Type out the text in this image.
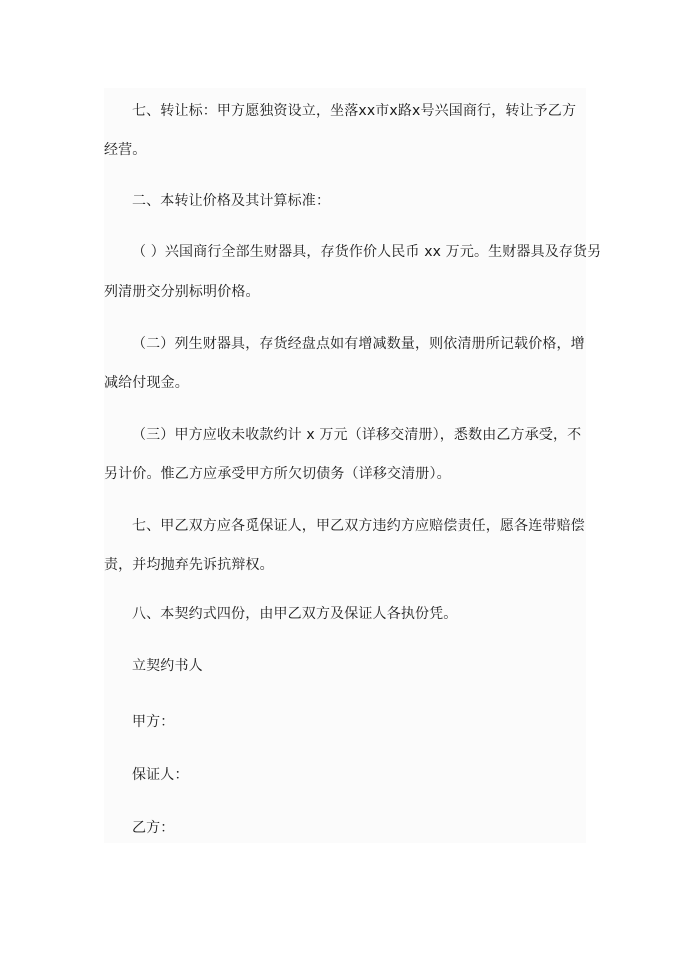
七、转让标：甲方愿独资设立，坐落xx市x路x号兴国商行，转让予乙方
经营。
二、本转让价格及其计算标准：
（ ）兴国商行全部生财器具，存货作价人民币 xx 万元。生财器具及存货另
列清册交分别标明价格。
（二）列生财器具，存货经盘点如有增减数量，则依清册所记载价格，增
减给付现金。
（三）甲方应收未收款约计 x 万元（详移交清册），悉数由乙方承受，不
另计价。惟乙方应承受甲方所欠切债务（详移交清册）。
七、甲乙双方应各觅保证人，甲乙双方违约方应赔偿责任，愿各连带赔偿
责，并均抛弃先诉抗辩权。
八、本契约式四份，由甲乙双方及保证人各执份凭。
立契约书人
甲方：
保证人：
乙方：
